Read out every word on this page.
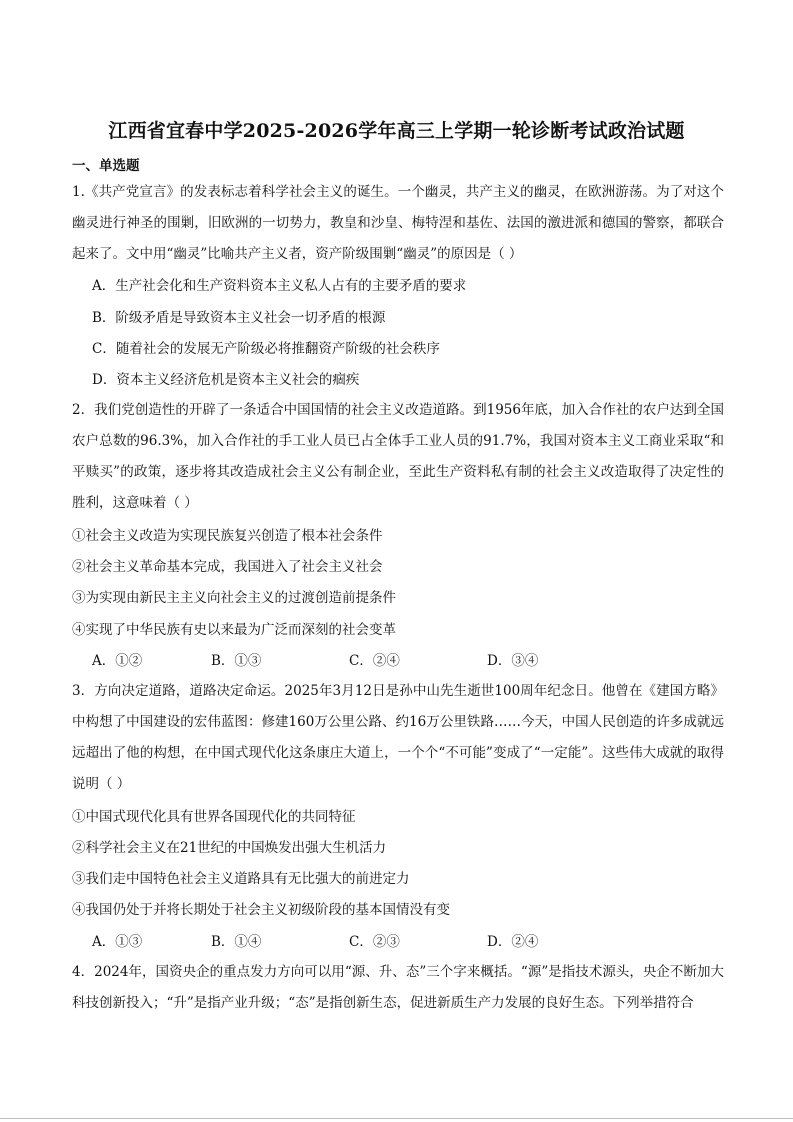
江西省宜春中学2025-2026学年高三上学期一轮诊断考试政治试题
一、单选题

1.《共产党宣言》的发表标志着科学社会主义的诞生。一个幽灵，共产主义的幽灵，在欧洲游荡。为了对这个幽灵进行神圣的围剿，旧欧洲的一切势力，教皇和沙皇、梅特涅和基佐、法国的激进派和德国的警察，都联合起来了。文中用“幽灵”比喻共产主义者，资产阶级围剿“幽灵”的原因是（ ）

A．生产社会化和生产资料资本主义私人占有的主要矛盾的要求
B．阶级矛盾是导致资本主义社会一切矛盾的根源
C．随着社会的发展无产阶级必将推翻资产阶级的社会秩序
D．资本主义经济危机是资本主义社会的痼疾

2．我们党创造性的开辟了一条适合中国国情的社会主义改造道路。到1956年底，加入合作社的农户达到全国农户总数的96.3%，加入合作社的手工业人员已占全体手工业人员的91.7%，我国对资本主义工商业采取“和平赎买”的政策，逐步将其改造成社会主义公有制企业，至此生产资料私有制的社会主义改造取得了决定性的胜利，这意味着（ ）

①社会主义改造为实现民族复兴创造了根本社会条件
②社会主义革命基本完成，我国进入了社会主义社会
③为实现由新民主主义向社会主义的过渡创造前提条件
④实现了中华民族有史以来最为广泛而深刻的社会变革
A．①②	B．①③	C．②④	D．③④

3．方向决定道路，道路决定命运。2025年3月12日是孙中山先生逝世100周年纪念日。他曾在《建国方略》中构想了中国建设的宏伟蓝图：修建160万公里公路、约16万公里铁路……今天，中国人民创造的许多成就远远超出了他的构想，在中国式现代化这条康庄大道上，一个个“不可能”变成了“一定能”。这些伟大成就的取得说明（ ）

①中国式现代化具有世界各国现代化的共同特征
②科学社会主义在21世纪的中国焕发出强大生机活力
③我们走中国特色社会主义道路具有无比强大的前进定力
④我国仍处于并将长期处于社会主义初级阶段的基本国情没有变
A．①③	B．①④	C．②③	D．②④

4．2024年，国资央企的重点发力方向可以用“源、升、态”三个字来概括。“源”是指技术源头，央企不断加大科技创新投入；“升”是指产业升级；“态”是指创新生态，促进新质生产力发展的良好生态。下列举措符合
